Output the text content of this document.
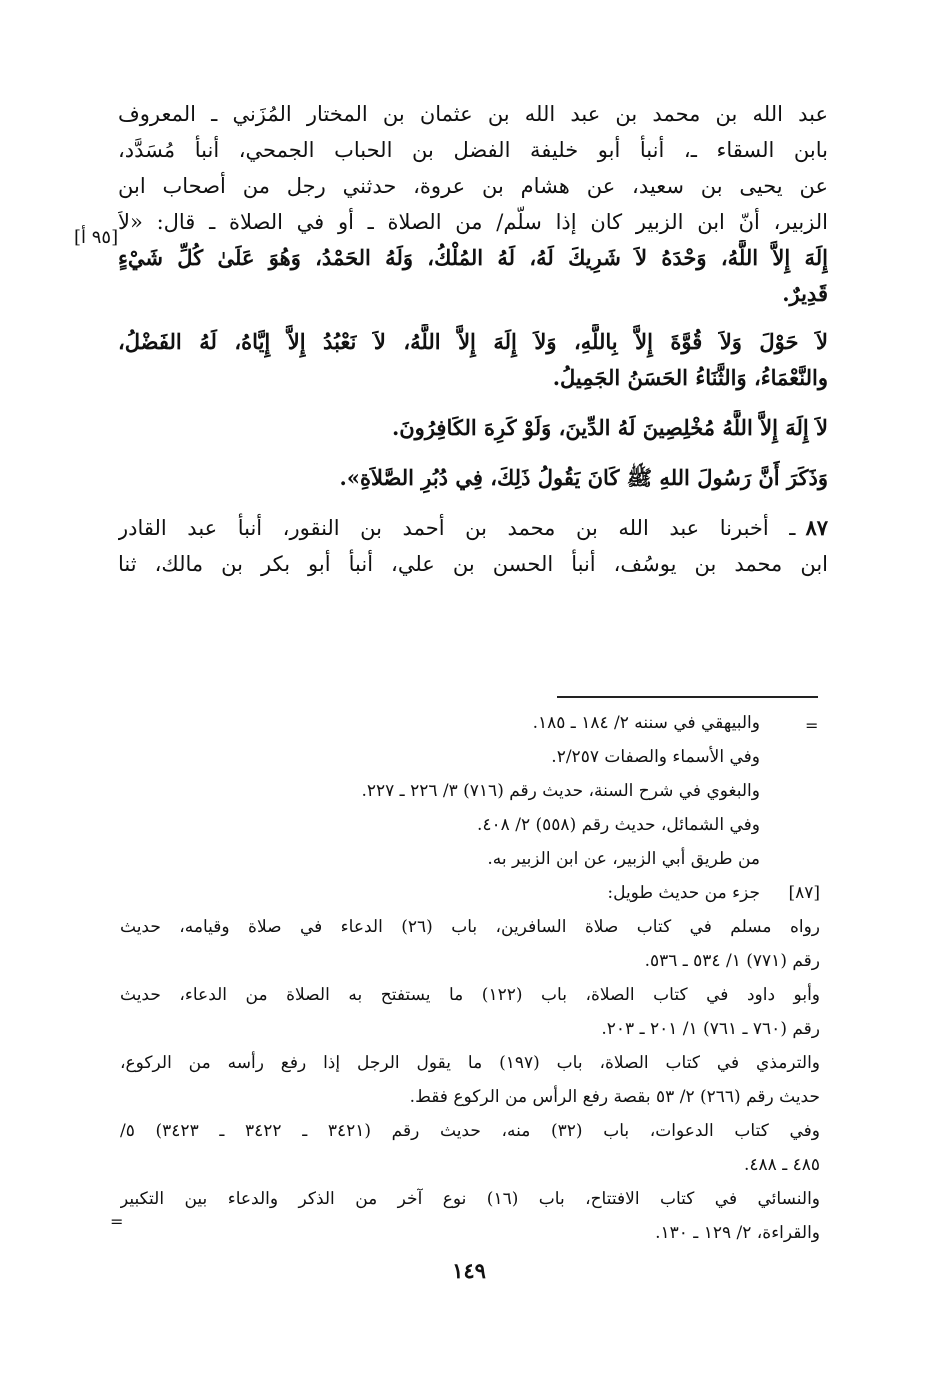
عبد الله بن محمد بن عبد الله بن عثمان بن المختار المُزَني ـ المعروف
بابن السقاء ـ، أنبأ أبو خليفة الفضل بن الحباب الجمحي، أنبأ مُسَدَّد،
عن يحيى بن سعيد، عن هشام بن عروة، حدثني رجل من أصحاب ابن
الزبير، أنّ ابن الزبير كان إذا سلّم/ من الصلاة ـ أو في الصلاة ـ قال: «لاَ
إِلَهَ إِلاَّ اللَّهُ، وَحْدَهُ لاَ شَرِيكَ لَهُ، لَهُ المُلْكُ، وَلَهُ الحَمْدُ، وَهُوَ عَلَىٰ كُلِّ شَيْءٍ
قَدِيرٌ.
لاَ حَوْلَ وَلاَ قُوَّةَ إِلاَّ بِاللَّهِ، وَلاَ إِلَهَ إِلاَّ اللَّهُ، لاَ نَعْبُدُ إِلاَّ إِيَّاهُ، لَهُ الفَضْلُ،
والنَّعْمَاءُ، وَالثَّنَاءُ الحَسَنُ الجَمِيلُ.
لاَ إِلَهَ إِلاَّ اللَّهُ مُخْلِصِينَ لَهُ الدِّينَ، وَلَوْ كَرِهَ الكَافِرُونَ.
وَذَكَرَ أَنَّ رَسُولَ اللهِ ﷺ كَانَ يَقُولُ ذَلِكَ، فِي دُبُرِ الصَّلاَةِ».
٨٧ـ أخبرنا عبد الله بن محمد بن أحمد بن النقور، أنبأ عبد القادر
ابن محمد بن يوسُف، أنبأ الحسن بن علي، أنبأ أبو بكر بن مالك، ثنا
[٩٥ أ]
=
والبيهقي في سننه ٢/ ١٨٤ ـ ١٨٥.
وفي الأسماء والصفات ٢/٢٥٧.
والبغوي في شرح السنة، حديث رقم (٧١٦) ٣/ ٢٢٦ ـ ٢٢٧.
وفي الشمائل، حديث رقم (٥٥٨) ٢/ ٤٠٨.
من طريق أبي الزبير، عن ابن الزبير به.
[٨٧]جزء من حديث طويل:
رواه مسلم في كتاب صلاة السافرين، باب (٢٦) الدعاء في صلاة وقيامه، حديث
رقم (٧٧١) ١/ ٥٣٤ ـ ٥٣٦.
وأبو داود في كتاب الصلاة، باب (١٢٢) ما يستفتح به الصلاة من الدعاء، حديث
رقم (٧٦٠ ـ ٧٦١) ١/ ٢٠١ ـ ٢٠٣.
والترمذي في كتاب الصلاة، باب (١٩٧) ما يقول الرجل إذا رفع رأسه من الركوع،
حديث رقم (٢٦٦) ٢/ ٥٣ بقصة رفع الرأس من الركوع فقط.
وفي كتاب الدعوات، باب (٣٢) منه، حديث رقم (٣٤٢١ ـ ٣٤٢٢ ـ ٣٤٢٣) ٥/
٤٨٥ ـ ٤٨٨.
والنسائي في كتاب الافتتاح، باب (١٦) نوع آخر من الذكر والدعاء بين التكبير
والقراءة، ٢/ ١٢٩ ـ ١٣٠.
=
١٤٩
